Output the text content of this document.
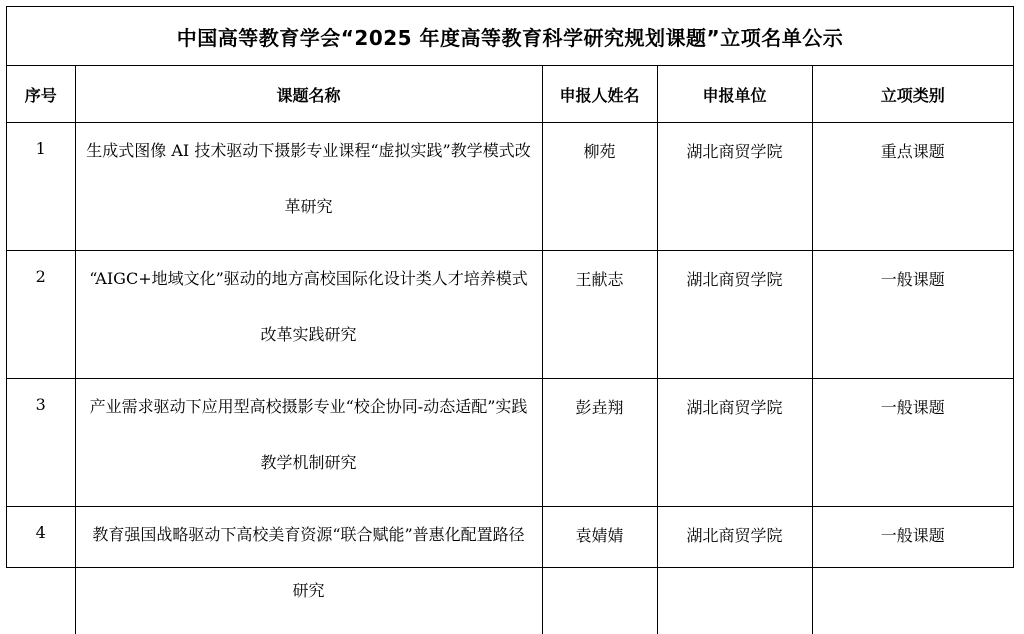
中国高等教育学会“2025 年度高等教育科学研究规划课题”立项名单公示
序号	课题名称	申报人姓名	申报单位	立项类别
1	生成式图像 AI 技术驱动下摄影专业课程“虚拟实践”教学模式改革研究	柳苑	湖北商贸学院	重点课题
2	“AIGC+地域文化”驱动的地方高校国际化设计类人才培养模式改革实践研究	王献志	湖北商贸学院	一般课题
3	产业需求驱动下应用型高校摄影专业“校企协同-动态适配”实践教学机制研究	彭垚翔	湖北商贸学院	一般课题
4	教育强国战略驱动下高校美育资源“联合赋能”普惠化配置路径研究	袁婧婧	湖北商贸学院	一般课题
